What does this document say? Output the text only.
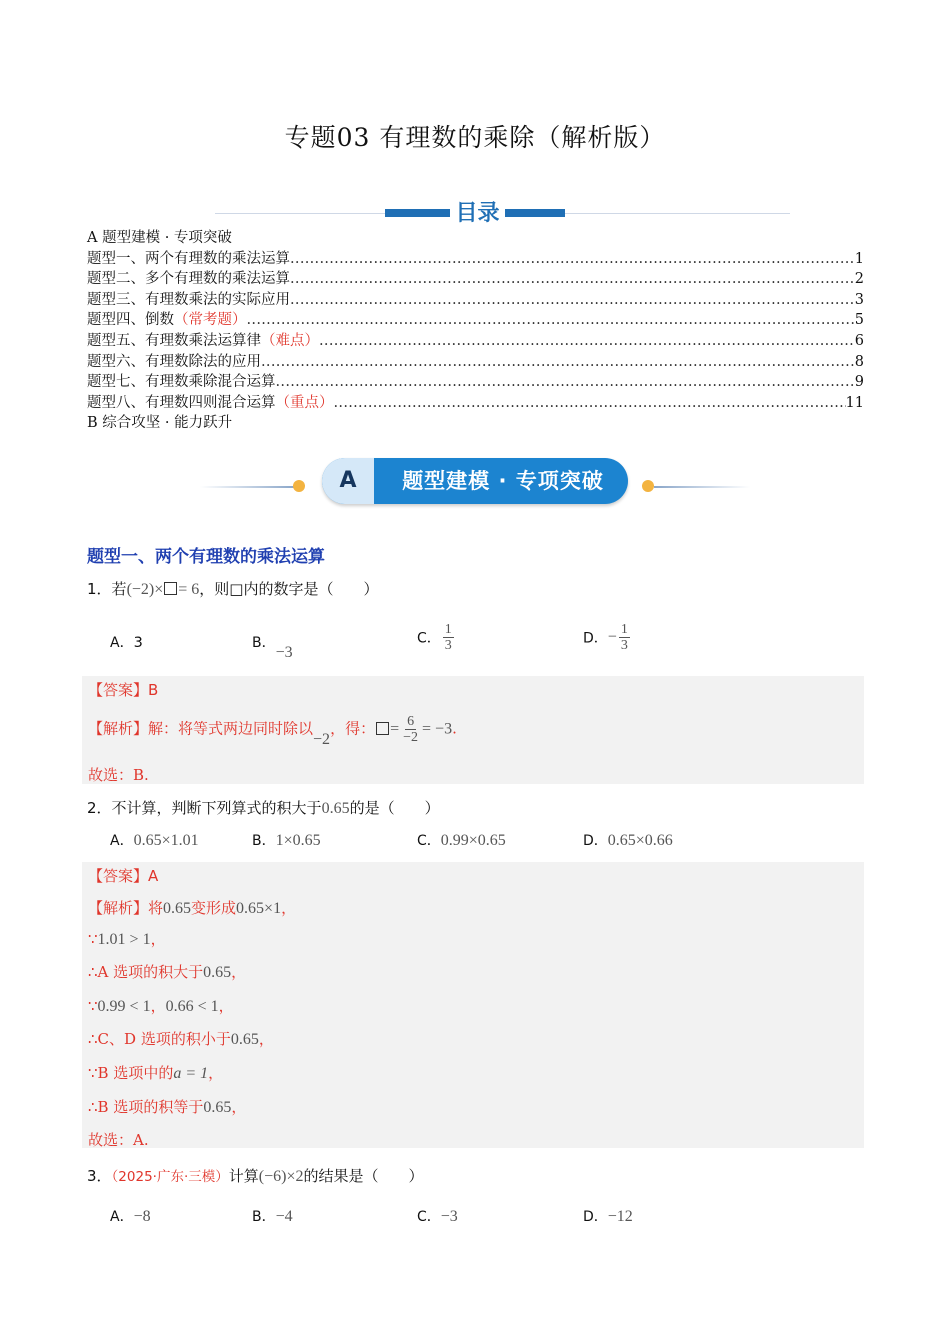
专题03 有理数的乘除（解析版）
目录
A 题型建模 · 专项突破
题型一、两个有理数的乘法运算 .....	1
题型二、多个有理数的乘法运算 .....	2
题型三、有理数乘法的实际应用 .....	3
题型四、倒数 （常考题） .....	5
题型五、有理数乘法运算律 （难点） .....	6
题型六、有理数除法的应用 .....	8
题型七、有理数乘除混合运算 .....	9
题型八、有理数四则混合运算 （重点） .....	11
B 综合攻坚 · 能力跃升
A	题型建模 · 专项突破
题型一、两个有理数的乘法运算
1．若(−2)× = 6，则□内的数字是（　　）
A．3	B．−3
C． $\frac{1}{3}$	D．− $\frac{1}{3}$
【答案】B
【解析】解：将等式两边同时除以−2，得： = $\frac{6}{-2} = -3$.
故选：B.
2．不计算，判断下列算式的积大于0.65的是（　　）
A．0.65×1.01	B．1×0.65	C．0.99×0.65	D．0.65×0.66
【答案】A
【解析】将0.65变形成0.65×1，
∵1.01 > 1，
∴A 选项的积大于0.65，
∵0.99 < 1，0.66 < 1，
∴C、D 选项的积小于0.65，
∵B 选项中的a = 1，
∴B 选项的积等于0.65，
故选：A.
3．（2025·广东·三模）计算(−6)×2的结果是（　　）
A．−8	B．−4	C．−3	D．−12
